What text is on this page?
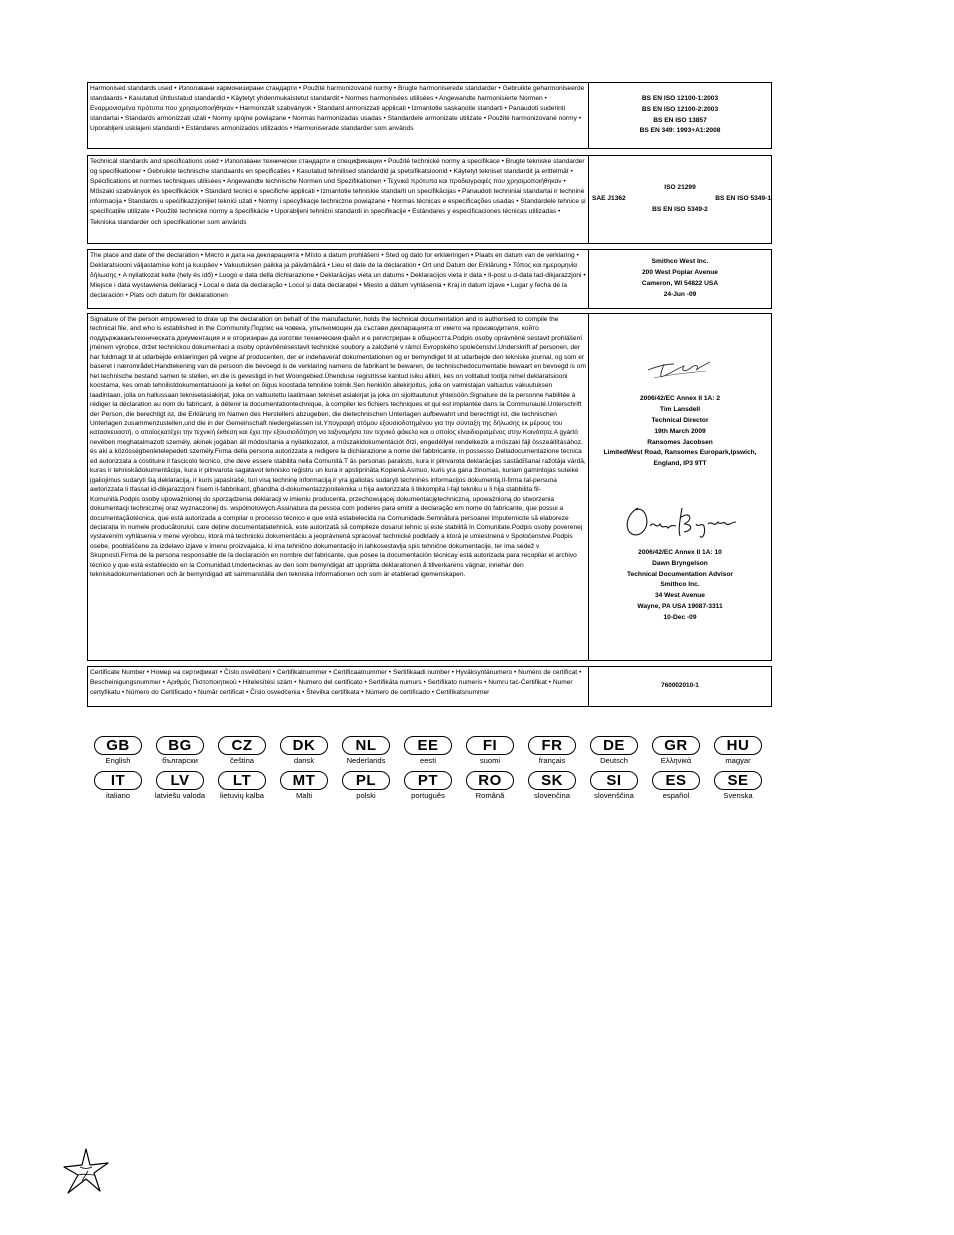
Harmonised standards used • Използвани хармонизирани стандарти • Použité harmonizované normy • Brugte harmoniserede standarder • Gebruikte geharmoniseerde standaards • Kasutatud ühtlustatud standardid • Käytetyt yhdenmukaistetut standardit • Normes harmonisées utilisées • Angewandte harmonisierte Normen • Εναρμονισμένα πρότυπα που χρησιμοποιήθηκαν • Harmonizált szabványok • Standard armonizzati applicati • Izmantotie saskaņotie standarti • Panaudoti suderinti standartai • Standards armonizzati użati • Normy spójne powiązane • Normas harmonizadas usadas • Standardele armonizate utilizate • Použité harmonizované normy • Uporabljeni usklajeni standardi • Estándares armonizados utilizados • Harmoniserade standarder som används
BS EN ISO 12100-1:2003
BS EN ISO 12100-2:2003
BS EN ISO 13857
BS EN 349: 1993+A1:2008
Technical standards and specifications used • Използвани технически стандарти и спецификации • Použité technické normy a specifikace • Brugte tekniske standarder og specifikationer • Gebruikte technische standaards en specificaties • Kasutatud tehnilised standardid ja spetsifikatsioonid • Käytetyt tekniset standardit ja erittelmät • Spécifications et normes techniques utilisées • Angewandte technische Normen und Spezifikationen • Τεχνικά πρότυπα και προδιαγραφές που χρησιμοποιήθηκαν • Műszaki szabványok és specifikációk • Standard tecnici e specifiche applicati • Izmantotie tehniskie standarti un specifikācijas • Panaudoti techniniai standartai ir techninė informacija • Standards u speċifikazzjonijiet tekniċi użati • Normy i specyfikacje techniczne powiązane • Normas técnicas e especificações usadas • Standardele tehnice și specificațiile utilizate • Použité technické normy a špecifikácie • Uporabljeni tehnični standardi in specifikacije • Estándares y especificaciones técnicas utilizadas • Tekniska standarder och specifikationer som används
ISO 21299
SAE J1362	BS EN ISO 5349-1
BS EN ISO 5349-2
The place and date of the declaration • Място и дата на декларацията • Místo a datum prohlášení • Sted og dato for erklæringen • Plaats en datum van de verklaring • Deklaratsiooni väljastamise koht ja kuupäev • Vakuutuksen paikka ja päivämäärä • Lieu et date de la déclaration • Ort und Datum der Erklärung • Τόπος και ημερομηνία δήλωσης • A nyilatkozat kelte (hely és idő) • Luogo e data della dichiarazione • Deklarācijas vieta un datums • Deklaracijos vieta ir data • Il-post u d-data tad-dikjarazzjoni • Miejsce i data wystawienia deklaracji • Local e data da declaração • Locul și data declarației • Miesto a dátum vyhlásenia • Kraj in datum izjave • Lugar y fecha de la declaración • Plats och datum för deklarationen
Smithco West Inc.
200 West Poplar Avenue
Cameron, WI 54822 USA
24-Jun -09
Signature of the person empowered to draw up the declaration on behalf of the manufacturer, holds the technical documentation and is authorised to compile the technical file, and who is established in the Community.Подпис на човека, упълномощен да състави декларацията от името на производителя, който поддържакакътехническата документация и е оторизиран да изготви техническия файл и е регистриран в общността.Podpis osoby oprávněné sestavit prohlášení jménem výrobce, držet technickou dokumentaci a osoby oprávněnésestavit technické soubory a založené v rámci Evropského společenství.Underskrift af personen, der har fuldmagt til at udarbejde erklæringen på vegne af producenten, der er indehaveraf dokumentationen og er bemyndiget til at udarbejde den tekniske journal, og som er baseret i nærområdet.Handtekening van de persoon die bevoegd is de verklaring namens de fabrikant te bewaren, de technischedocumentatie bewaart en bevoegd is om het technische bestand samen te stellen, en die is gevestigd in het Woongebied.Ühenduse registrisse kantud isiku allkiri, kes on volitatud tootja nimel deklaratsiooni koostama, kes omab tehnilistdokumentatsiooni ja kellel on õigus koostada tehniline toimik.Sen henkilön allekirjoitus, jolla on valmistajan valtuutus vakuutuksen laadintaan, jolla on hallussaan teknisetasiakirjat, joka on valtuutettu laatimaan tekniset asiakirjat ja joka on sijoittautunut yhteisöön.Signature de la personne habilitée à rédiger la déclaration au nom du fabricant, à détenir la documentationtechnique, à compiler les fichiers techniques et qui est implantée dans la Communauté.Unterschrift der Person, die berechtigt ist, die Erklärung im Namen des Herstellers abzugeben, die dietechnischen Unterlagen aufbewahrt und berechtigt ist, die technischen Unterlagen zusammenzustellen,und die in der Gemeinschaft niedergelassen ist.Υπογραφή ατόμου εξουσιοδοτημένου για την σύνταξη της δήλωσης εκ μέρους του κατασκευαστή, ο οποίοςκατέχει την τεχνική έκθεση και έχει την εξουσιοδότηση να ταξινομήσει τον τεχνικό φάκελο και ο οποίος είναιδιορισμένος στην Κοινότητα.A gyártó nevében meghatalmazott személy, akinek jogában áll módosítania a nyilatkozatot, a műszakidokumentációt őrzi, engedéllyel rendelkezik a műszaki fájl összeállításához, és aki a közösségbenletelepedett személy.Firma della persona autorizzata a redigere la dichiarazione a nome del fabbricante, in possesso Delladocumentazione tecnica ed autorizzata a costituire il fascicolo tecnico, che deve essere stabilita nella Comunità.T ās personas paraksts, kura ir pilnvarota deklarācijas sastādīšanai ražotāja vārdā, kuras ir tehniskādokumentācija, kura ir pilnvarota sagatavot tehnisko reģistru un kura ir apstiprināta Kopienā.Asmuo, kuris yra gana žinomas, kuriam gamintojas suteikė įgaliojimus sudaryti šią deklaraciją, ir kuris japasirašė, turi visą techninę informaciją ir yra įgaliotas sudaryti techninės informacijos dokumentą.Il-firma tal-persuna awtorizzata li tfassal id-dikjarazzjoni f'isem il-fabbrikant, għandha d-dokumentazzjoniteknika u hija awtorizzata li tikkompila l-fajl tekniku u li hija stabbilita fil-Komunità.Podpis osoby upoważnionej do sporządzenia deklaracji w imieniu producenta, przechowującej dokumentacjętechniczną, upoważnioną do stworzenia dokumentacji technicznej oraz wyznaczonej ds. wspólnotowych.Assinatura da pessoa com poderes para emitir a declaração em nome do fabricante, que possui a documentaçãotécnica, que está autorizada a compilar o processo técnico e que está estabelecida na Comunidade.Semnătura persoanei împuternicite să elaboreze declarația în numele producătorului, care deține documentațiatehnică, este autorizată să compileze dosarul tehnic și este stabilită în Comunitate.Podpis osoby poverenej vystavením vyhlásenia v mene výrobcu, ktorá má technickú dokumentáciu a jeoprávnená spracovať technické podklady a ktorá je umiestnená v Spoločenstve.Podpis osebe, pooblaščene za izdelavo izjave v imenu proizvajalca, ki ima tehnično dokumentacijo in lahkosestavlja spis tehnične dokumentacije, ter ima sedež v Skupnosti.Firma de la persona responsable de la declaración en nombre del fabricante, que posee la documentación técnicay está autorizada para recopilar el archivo técnico y que está establecido en la Comunidad.Undertecknas av den som bemyndigat att upprätta deklarationen å tillverkarens vägnar, innehar den tekniskadokumentationen och är bemyndigad att sammanställa den tekniska informationen och som är etablerad igemenskapen.
2006/42/EC Annex II 1A: 2
Tim Lansdell
Technical Director
19th March 2009
Ransomes Jacobsen
LimitedWest Road, Ransomes Europark,Ipswich,
England, IP3 9TT
2006/42/EC Annex II 1A: 10
Dawn Bryngelson
Technical Documentation Advisor
Smithco Inc.
34 West Avenue
Wayne, PA USA 19087-3311
10-Dec -09
Certificate Number • Номер на сертификат • Číslo osvědčení • Certifikatnummer • Certificaatnummer • Sertifikaadi number • Hyväksyntänumero • Numéro de certificat • Bescheinigungsnummer • Αριθμός Πιστοποιητικού • Hitelesítési szám • Numero del certificato • Sertifikāta numurs • Sertifikato numeris • Numru taċ-Ċertifikat • Numer certyfikatu • Número do Certificado • Număr certificat • Číslo osvedčenia • Številka certifikata • Número de certificado • Certifikatsnummer
760002010-1
GB
English
BG
български
CZ
čeština
DK
dansk
NL
Nederlands
EE
eesti
FI
suomi
FR
français
DE
Deutsch
GR
Ελληνικά
HU
magyar
IT
italiano
LV
latviešu valoda
LT
lietuvių kalba
MT
Malti
PL
polski
PT
português
RO
Română
SK
slovenčina
SI
slovenščina
ES
español
SE
Svenska
